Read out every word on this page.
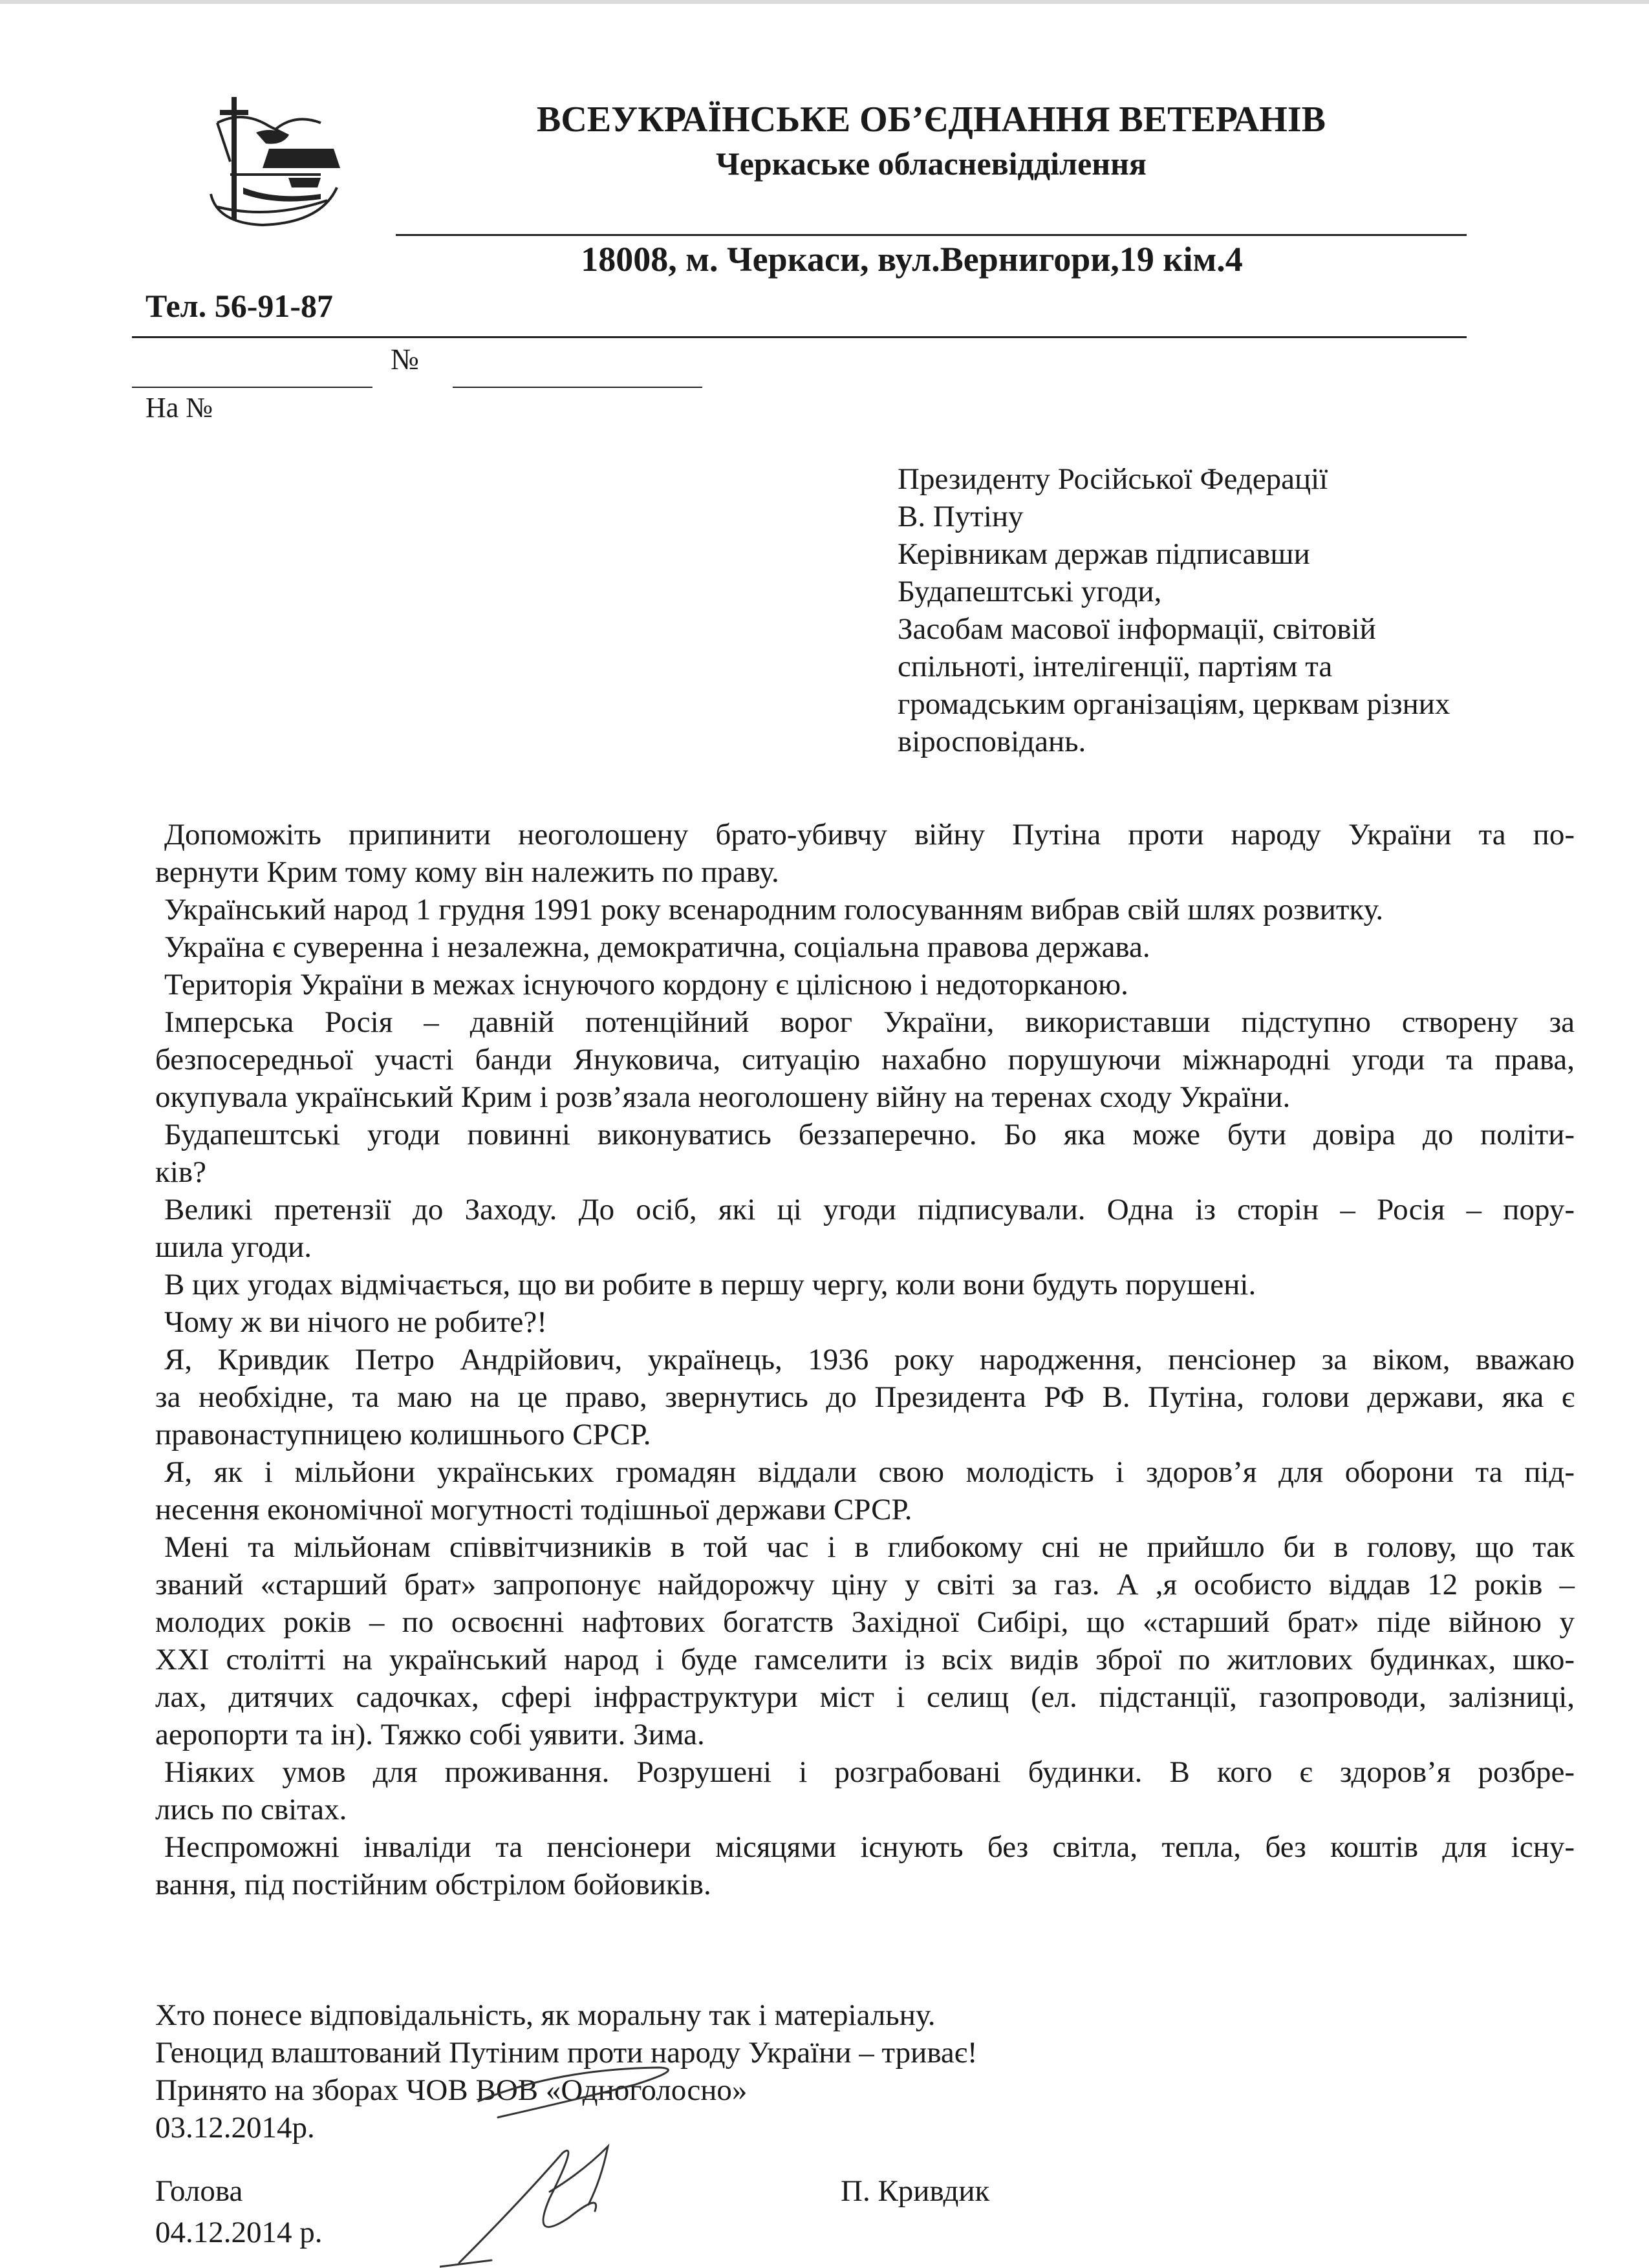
ВСЕУКРАЇНСЬКЕ ОБ’ЄДНАННЯ ВЕТЕРАНІВ
Черкаське обласневідділення
18008, м. Черкаси, вул.Вернигори,19 кім.4
Тел. 56-91-87
№
На №
Президенту Російської Федерації
В. Путіну
Керівникам держав підписавши
Будапештські угоди,
Засобам масової інформації, світовій
спільноті, інтелігенції, партіям та
громадським організаціям, церквам різних
віросповідань.
Допоможіть припинити неоголошену брато-убивчу війну Путіна проти народу України та по-
вернути Крим тому кому він належить по праву.
Український народ 1 грудня 1991 року всенародним голосуванням вибрав свій шлях розвитку.
Україна є суверенна і незалежна, демократична, соціальна правова держава.
Територія України в межах існуючого кордону є цілісною і недоторканою.
Імперська Росія – давній потенційний ворог України, використавши підступно створену за
безпосередньої участі банди Януковича, ситуацію нахабно порушуючи міжнародні угоди та права,
окупувала український Крим і розв’язала неоголошену війну на теренах сходу України.
Будапештські угоди повинні виконуватись беззаперечно. Бо яка може бути довіра до політи-
ків?
Великі претензії до Заходу. До осіб, які ці угоди підписували. Одна із сторін – Росія – пору-
шила угоди.
В цих угодах відмічається, що ви робите в першу чергу, коли вони будуть порушені.
Чому ж ви нічого не робите?!
Я, Кривдик Петро Андрійович, українець, 1936 року народження, пенсіонер за віком, вважаю
за необхідне, та маю на це право, звернутись до Президента РФ В. Путіна, голови держави, яка є
правонаступницею колишнього СРСР.
Я, як і мільйони українських громадян віддали свою молодість і здоров’я для оборони та під-
несення економічної могутності тодішньої держави СРСР.
Мені та мільйонам співвітчизників в той час і в глибокому сні не прийшло би в голову, що так
званий «старший брат» запропонує найдорожчу ціну у світі за газ. А ,я особисто віддав 12 років –
молодих років – по освоєнні нафтових богатств Західної Сибірі, що «старший брат» піде війною у
XXI столітті на український народ і буде гамселити із всіх видів зброї по житлових будинках, шко-
лах, дитячих садочках, сфері інфраструктури міст і селищ (ел. підстанції, газопроводи, залізниці,
аеропорти та ін). Тяжко собі уявити. Зима.
Ніяких умов для проживання. Розрушені і розграбовані будинки. В кого є здоров’я розбре-
лись по світах.
Неспроможні інваліди та пенсіонери місяцями існують без світла, тепла, без коштів для існу-
вання, під постійним обстрілом бойовиків.
Хто понесе відповідальність, як моральну так і матеріальну.
Геноцид влаштований Путіним проти народу України – триває!
Принято на зборах ЧОВ ВОВ «Одноголосно»
03.12.2014р.
Голова
04.12.2014 р.
П. Кривдик
